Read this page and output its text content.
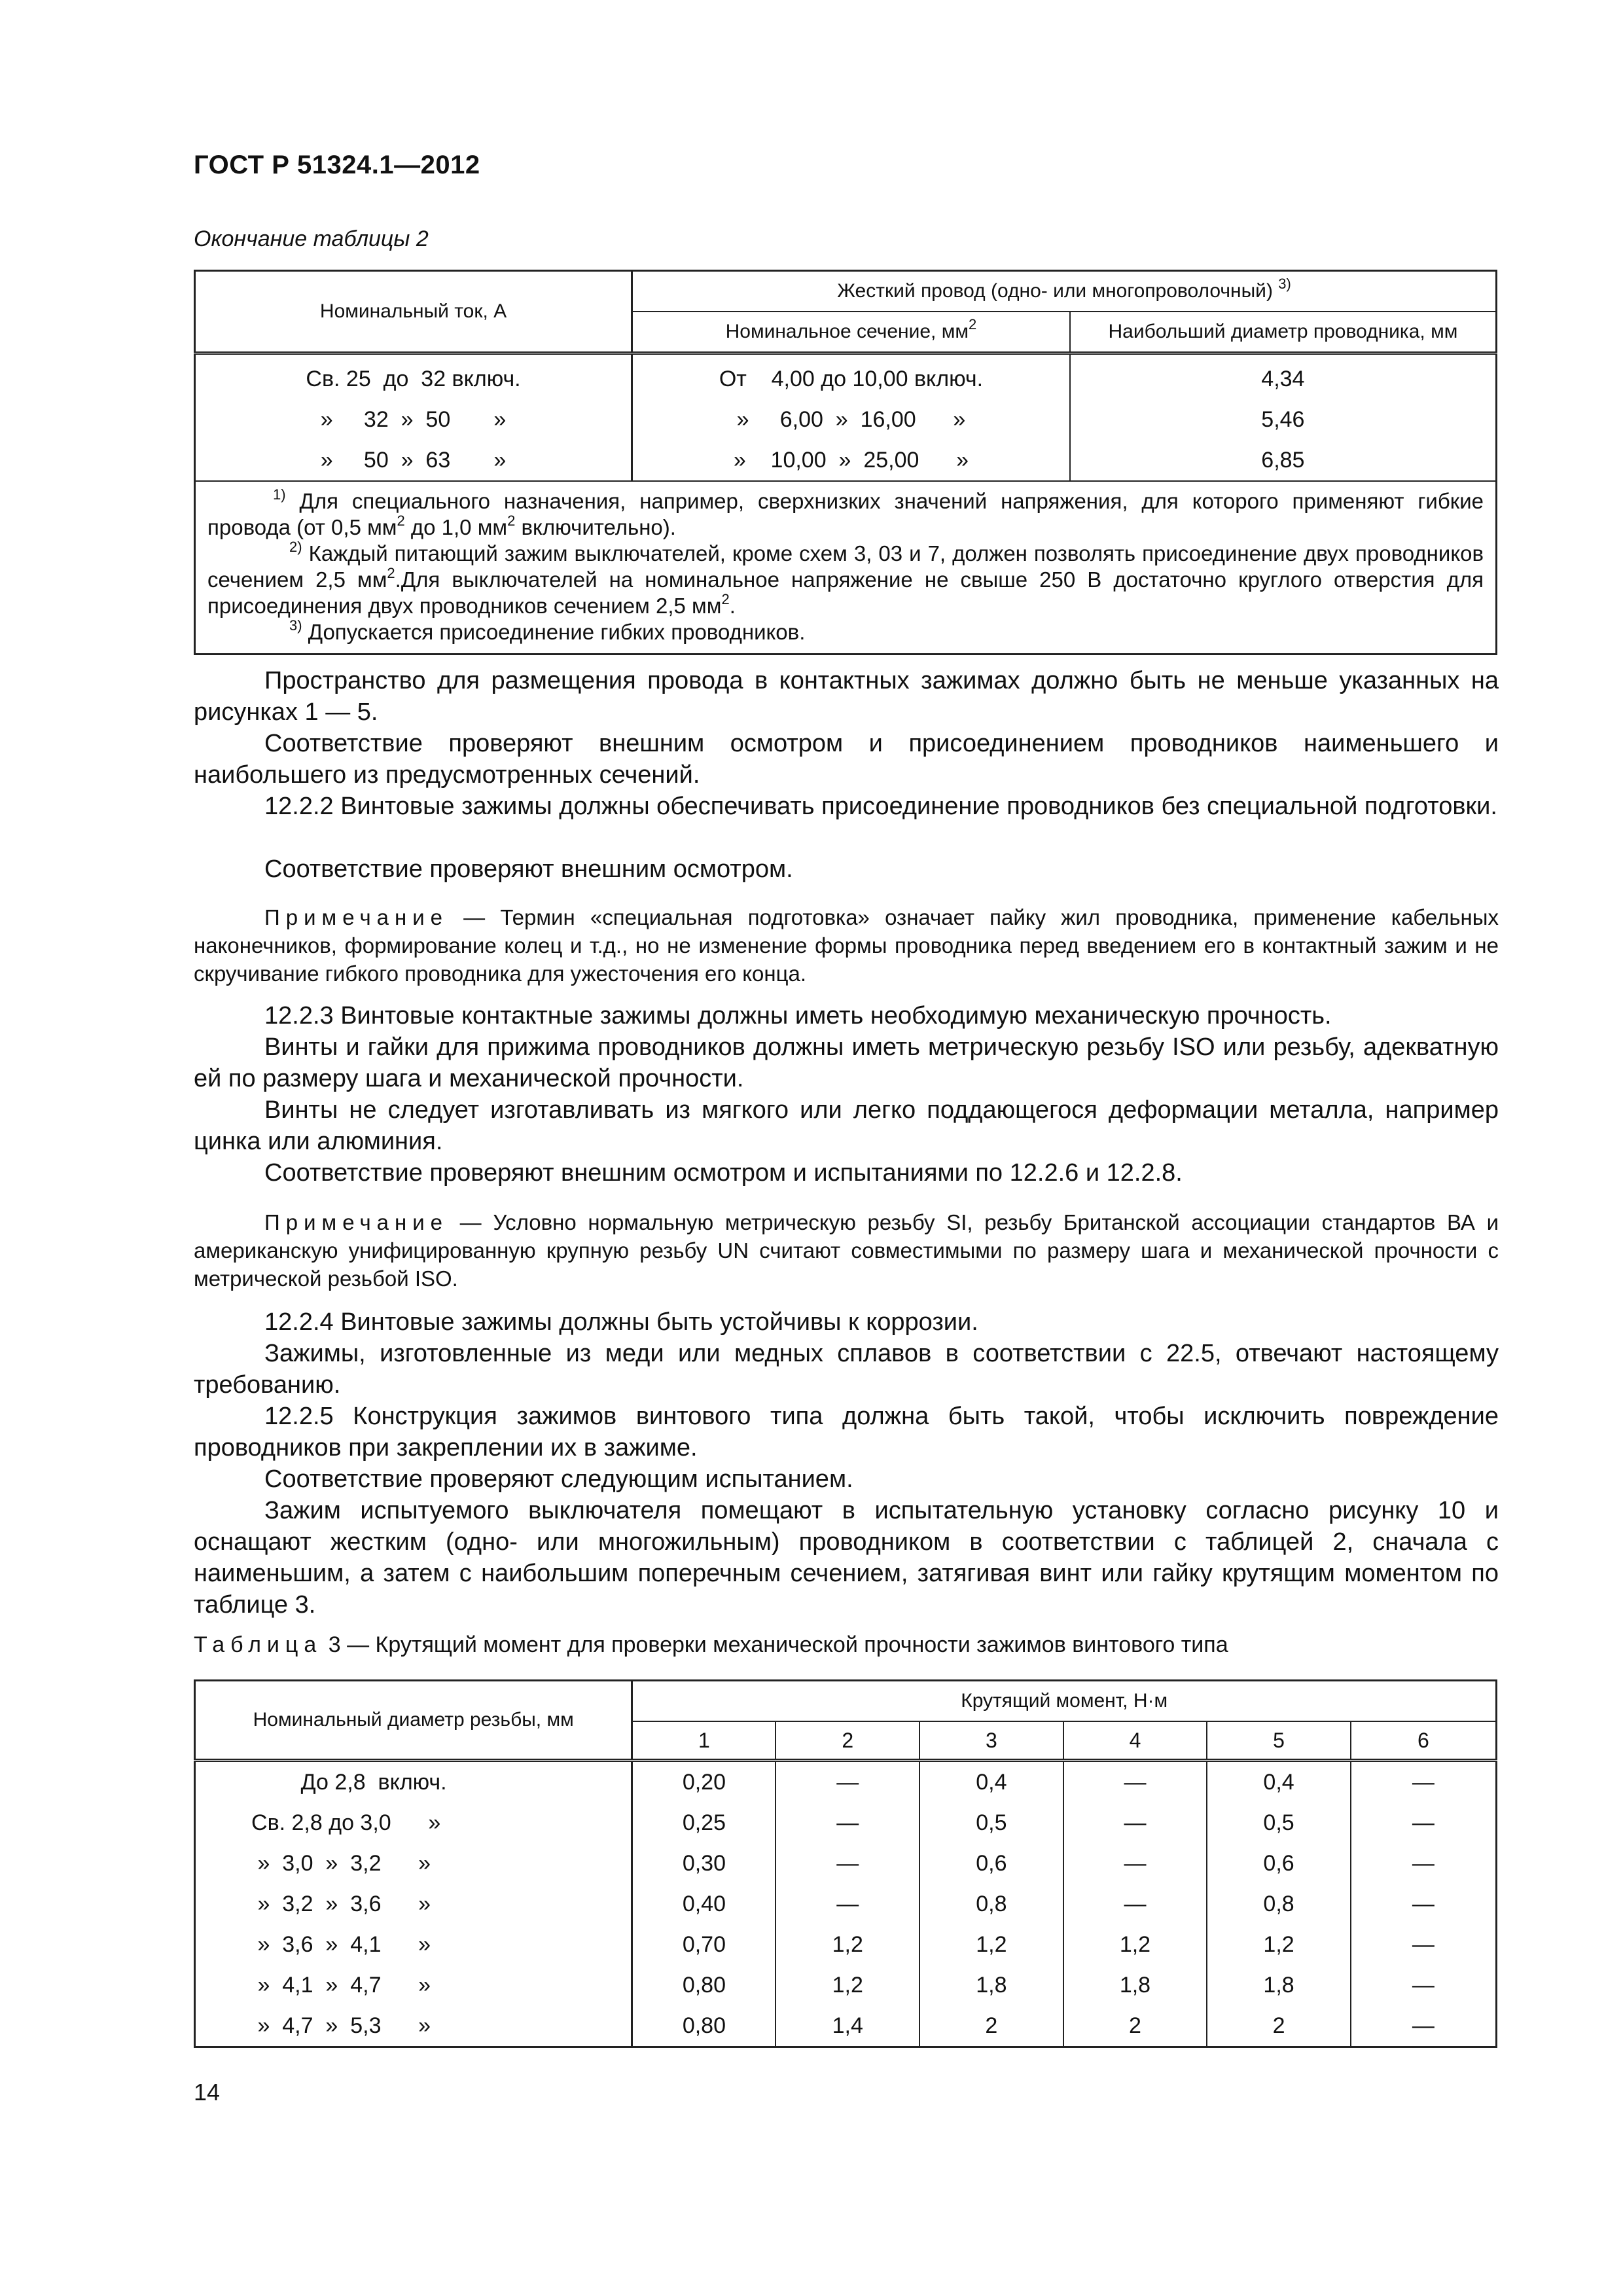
ГОСТ Р 51324.1—2012
Окончание таблицы 2
Номинальный ток, А	Жесткий провод (одно- или многопроволочный) $^{3)}$
	Номинальное сечение, $мм^2$	Наибольший диаметр проводника, мм
Св. 25  до  32 включ.	От    4,00 до 10,00 включ.	4,34
»     32  »  50       »	»     6,00  »  16,00      »	5,46
»     50  »  63       »	»    10,00  »  25,00      »	6,85

$^{1)}$ Для специального назначения, например, сверхнизких значений напряжения, для которого применяют гибкие провода (от 0,5 $мм^2$ до 1,0 $мм^2$ включительно).
$^{2)}$ Каждый питающий зажим выключателей, кроме схем 3, 03 и 7, должен позволять присоединение двух проводников сечением 2,5 $мм^2.Для$ выключателей на номинальное напряжение не свыше 250 В достаточно круглого отверстия для присоединения двух проводников сечением 2,5 $мм^2$.
$^{3)}$ Допускается присоединение гибких проводников.		
Пространство для размещения провода в контактных зажимах должно быть не меньше указанных на рисунках 1 — 5.
Соответствие проверяют внешним осмотром и присоединением проводников наименьшего и наибольшего из предусмотренных сечений.
12.2.2 Винтовые зажимы должны обеспечивать присоединение проводников без специальной подготовки.
Соответствие проверяют внешним осмотром.
Примечание — Термин «специальная подготовка» означает пайку жил проводника, применение кабельных наконечников, формирование колец и т.д., но не изменение формы проводника перед введением его в контактный зажим и не скручивание гибкого проводника для ужесточения его конца.
12.2.3 Винтовые контактные зажимы должны иметь необходимую механическую прочность.
Винты и гайки для прижима проводников должны иметь метрическую резьбу ISO или резьбу, адекватную ей по размеру шага и механической прочности.
Винты не следует изготавливать из мягкого или легко поддающегося деформации металла, например цинка или алюминия.
Соответствие проверяют внешним осмотром и испытаниями по 12.2.6 и 12.2.8.
Примечание — Условно нормальную метрическую резьбу SI, резьбу Британской ассоциации стандартов ВА и американскую унифицированную крупную резьбу UN считают совместимыми по размеру шага и механической прочности с метрической резьбой ISO.
12.2.4 Винтовые зажимы должны быть устойчивы к коррозии.
Зажимы, изготовленные из меди или медных сплавов в соответствии с 22.5, отвечают настоящему требованию.
12.2.5 Конструкция зажимов винтового типа должна быть такой, чтобы исключить повреждение проводников при закреплении их в зажиме.
Соответствие проверяют следующим испытанием.
Зажим испытуемого выключателя помещают в испытательную установку согласно рисунку 10 и оснащают жестким (одно- или многожильным) проводником в соответствии с таблицей 2, сначала с наименьшим, а затем с наибольшим поперечным сечением, затягивая винт или гайку крутящим моментом по таблице 3.
Таблица 3 — Крутящий момент для проверки механической прочности зажимов винтового типа
Номинальный диаметр резьбы, мм	Крутящий момент, Н·м					
	1	2	3	4	5	6
До 2,8  включ.	0,20	—	0,4	—	0,4	—
Св. 2,8 до 3,0      »	0,25	—	0,5	—	0,5	—
»  3,0  »  3,2      »	0,30	—	0,6	—	0,6	—
»  3,2  »  3,6      »	0,40	—	0,8	—	0,8	—
»  3,6  »  4,1      »	0,70	1,2	1,2	1,2	1,2	—
»  4,1  »  4,7      »	0,80	1,2	1,8	1,8	1,8	—
»  4,7  »  5,3      »	0,80	1,4	2	2	2	—
14
